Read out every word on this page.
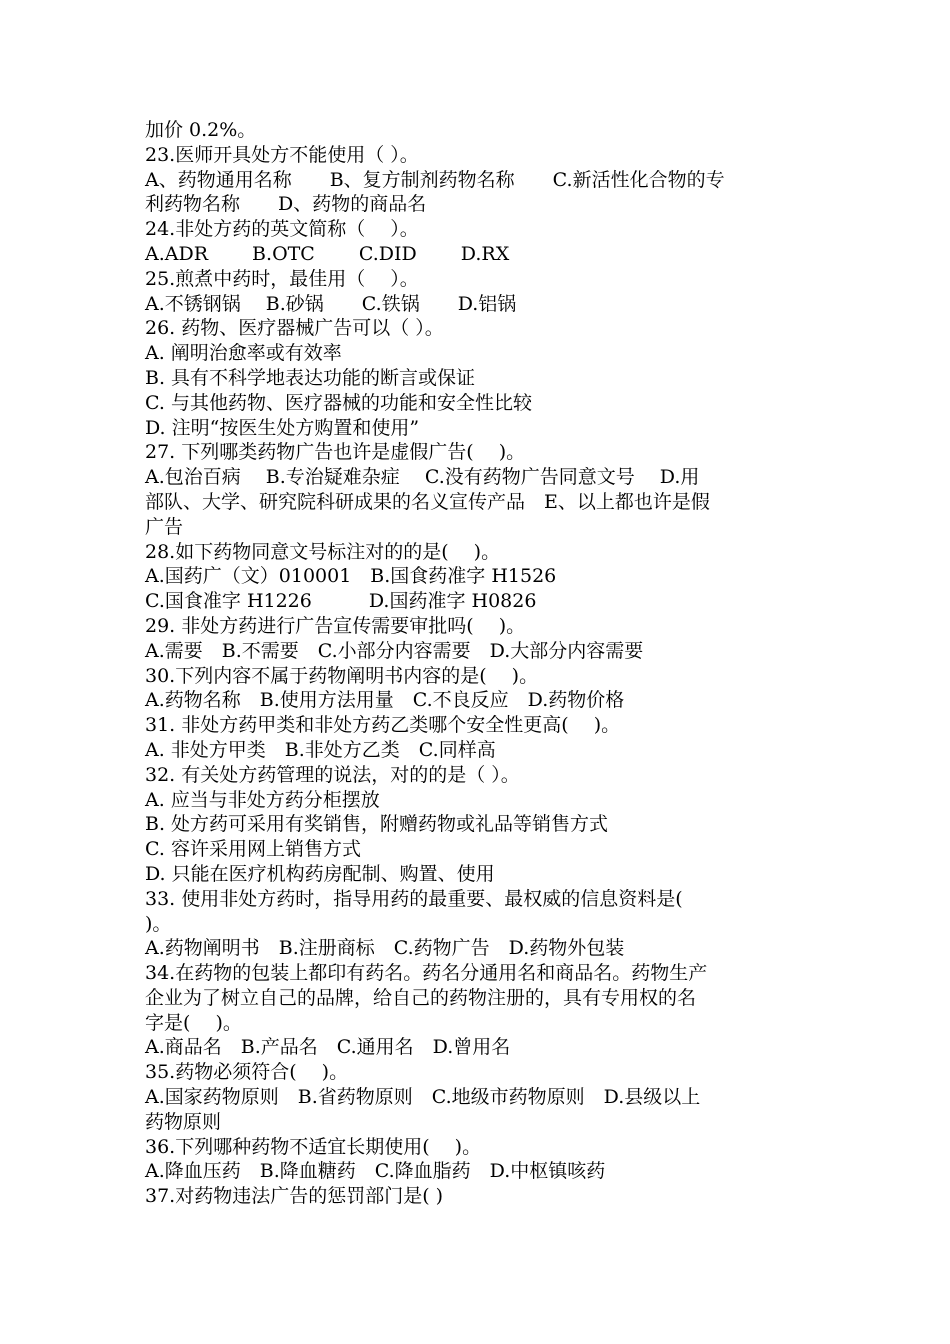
加价 0.2%。
23.医师开具处方不能使用（ ）。
A、药物通用名称　　B、复方制剂药物名称　　C.新活性化合物的专
利药物名称　　D、药物的商品名
24.非处方药的英文简称（　 ）。
A.ADR　　 B.OTC　　 C.DID　　 D.RX
25.煎煮中药时，最佳用（　 ）。
A.不锈钢锅　 B.砂锅　　C.铁锅　　D.铝锅
26. 药物、医疗器械广告可以（ ）。
A. 阐明治愈率或有效率
B. 具有不科学地表达功能的断言或保证
C. 与其他药物、医疗器械的功能和安全性比较
D. 注明“按医生处方购置和使用”
27. 下列哪类药物广告也许是虚假广告(　 )。
A.包治百病　 B.专治疑难杂症　 C.没有药物广告同意文号　 D.用
部队、大学、研究院科研成果的名义宣传产品　E、以上都也许是假
广告
28.如下药物同意文号标注对的的是(　 )。
A.国药广（文）010001　B.国食药准字 H1526
C.国食准字 H1226　　　D.国药准字 H0826
29. 非处方药进行广告宣传需要审批吗(　 )。
A.需要　B.不需要　C.小部分内容需要　D.大部分内容需要
30.下列内容不属于药物阐明书内容的是(　 )。
A.药物名称　B.使用方法用量　C.不良反应　D.药物价格
31. 非处方药甲类和非处方药乙类哪个安全性更高(　 )。
A. 非处方甲类　B.非处方乙类　C.同样高
32. 有关处方药管理的说法，对的的是（ ）。
A. 应当与非处方药分柜摆放
B. 处方药可采用有奖销售，附赠药物或礼品等销售方式
C. 容许采用网上销售方式
D. 只能在医疗机构药房配制、购置、使用
33. 使用非处方药时，指导用药的最重要、最权威的信息资料是(
)。
A.药物阐明书　B.注册商标　C.药物广告　D.药物外包装
34.在药物的包装上都印有药名。药名分通用名和商品名。药物生产
企业为了树立自己的品牌，给自己的药物注册的，具有专用权的名
字是(　 )。
A.商品名　B.产品名　C.通用名　D.曾用名
35.药物必须符合(　 )。
A.国家药物原则　B.省药物原则　C.地级市药物原则　D.县级以上
药物原则
36.下列哪种药物不适宜长期使用(　 )。
A.降血压药　B.降血糖药　C.降血脂药　D.中枢镇咳药
37.对药物违法广告的惩罚部门是( )
